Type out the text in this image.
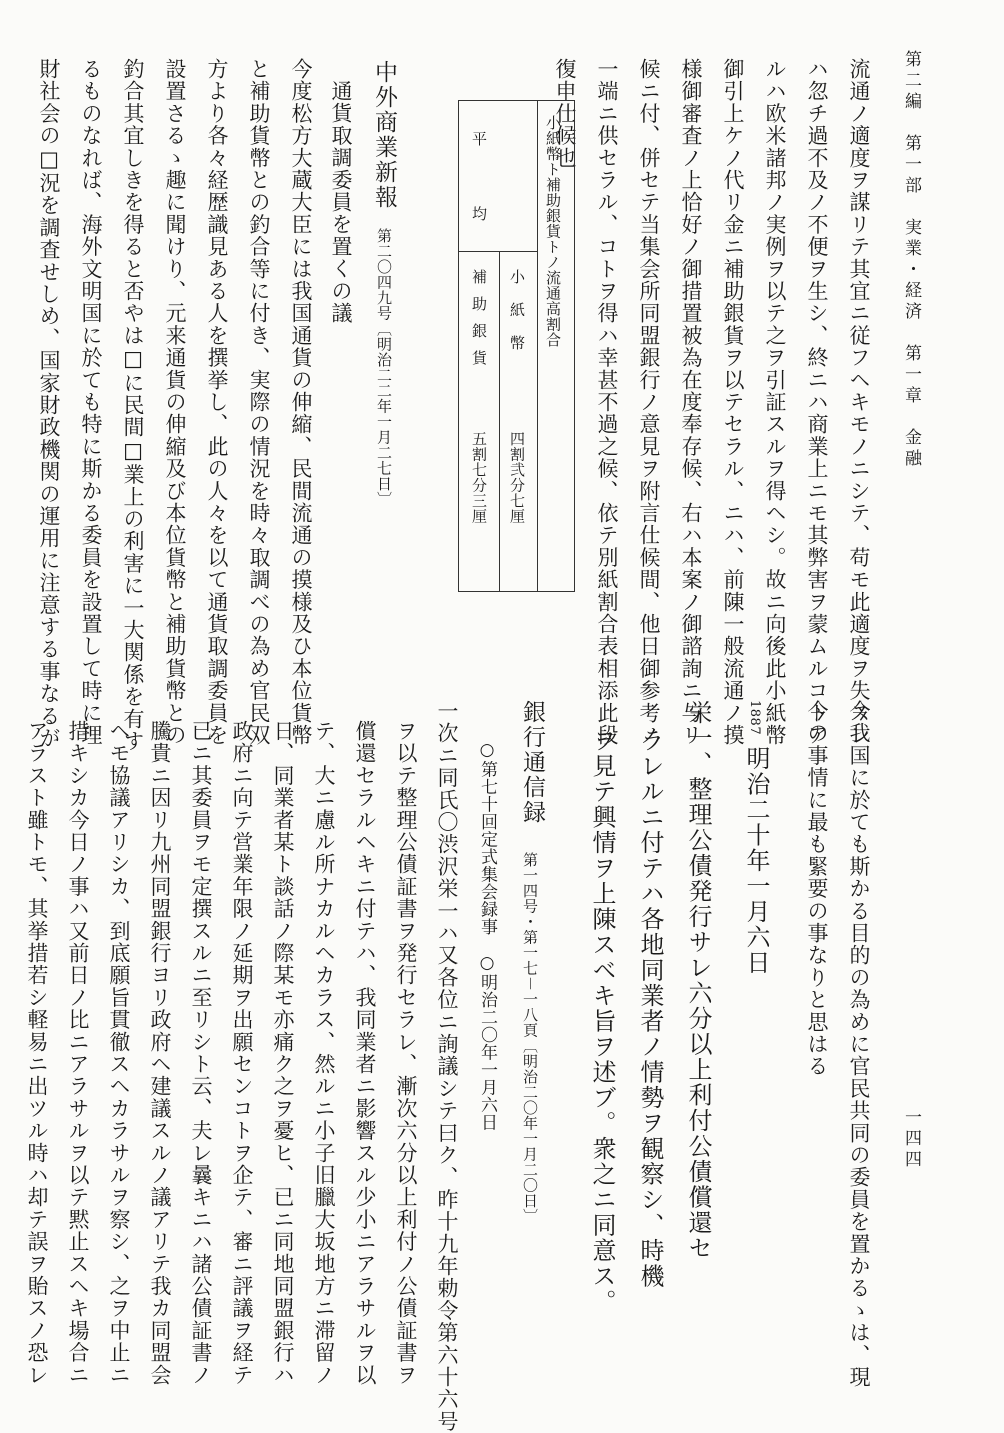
第二編　第一部　実業・経済　第一章　金融
一四四
流通ノ適度ヲ謀リテ其宜ニ従フヘキモノニシテ、苟モ此適度ヲ失スレ
ハ忽チ過不及ノ不便ヲ生シ、終ニハ商業上ニモ其弊害ヲ蒙ムルコトア
ルハ欧米諸邦ノ実例ヲ以テ之ヲ引証スルヲ得ヘシ。故ニ向後此小紙幣
御引上ケノ代リ金ニ補助銀貨ヲ以テセラル、ニハ、前陳一般流通ノ摸
様御審査ノ上恰好ノ御措置被為在度奉存候、右ハ本案ノ御諮詢ニ与リ
候ニ付、併セテ当集会所同盟銀行ノ意見ヲ附言仕候間、他日御参考ノ
一端ニ供セラル、コトヲ得ハ幸甚不過之候、依テ別紙割合表相添此段
復申仕候也
小紙幣ト補助銀貨トノ流通高割合
小紙幣
補助銀貨
平均
四割弐分七厘
五割七分三厘
中外商業新報
第二〇四九号〔明治二二年一月二七日〕
通貨取調委員を置くの議
今度松方大蔵大臣には我国通貨の伸縮、民間流通の摸様及ひ本位貨幣
と補助貨幣との釣合等に付き、実際の情況を時々取調べの為め官民双
方より各々経歴識見ある人を撰挙し、此の人々を以て通貨取調委員を
設置さるゝ趣に聞けり、元来通貨の伸縮及び本位貨幣と補助貨幣との
釣合其宜しきを得ると否やは□に民間□業上の利害に一大関係を有す
るものなれば、海外文明国に於ても特に斯かる委員を設置して時に理
財社会の□況を調査せしめ、国家財政機関の運用に注意する事なるが
今我国に於ても斯かる目的の為めに官民共同の委員を置かるゝは、現
今の事情に最も緊要の事なりと思はる
1887
明治二十年一月六日
栄一、整理公債発行サレ六分以上利付公債償還セ
ラレルニ付テハ各地同業者ノ情勢ヲ観察シ、時機
ヲ見テ興情ヲ上陳スベキ旨ヲ述ブ。衆之ニ同意ス。
銀行通信録
第一四号・第一七－一八頁〔明治二〇年一月二〇日〕
○第七十回定式集会録事　○明治二〇年一月六日
一次ニ同氏〇渋沢栄一ハ又各位ニ詢議シテ曰ク、昨十九年勅令第六十六号
ヲ以テ整理公債証書ヲ発行セラレ、漸次六分以上利付ノ公債証書ヲ
償還セラルヘキニ付テハ、我同業者ニ影響スル少小ニアラサルヲ以
テ、大ニ慮ル所ナカルヘカラス、然ルニ小子旧臘大坂地方ニ滞留ノ
日、同業者某ト談話ノ際某モ亦痛ク之ヲ憂ヒ、已ニ同地同盟銀行ハ
政府ニ向テ営業年限ノ延期ヲ出願センコトヲ企テ、審ニ評議ヲ経テ
已ニ其委員ヲモ定撰スルニ至リシト云、夫レ曩キニハ諸公債証書ノ
騰貴ニ因リ九州同盟銀行ヨリ政府ヘ建議スルノ議アリテ我カ同盟会
ヘモ協議アリシカ、到底願旨貫徹スヘカラサルヲ察シ、之ヲ中止ニ
措キシカ今日ノ事ハ又前日ノ比ニアラサルヲ以テ黙止スヘキ場合ニ
アラスト雖トモ、其挙措若シ軽易ニ出ツル時ハ却テ誤ヲ貽スノ恐レ
